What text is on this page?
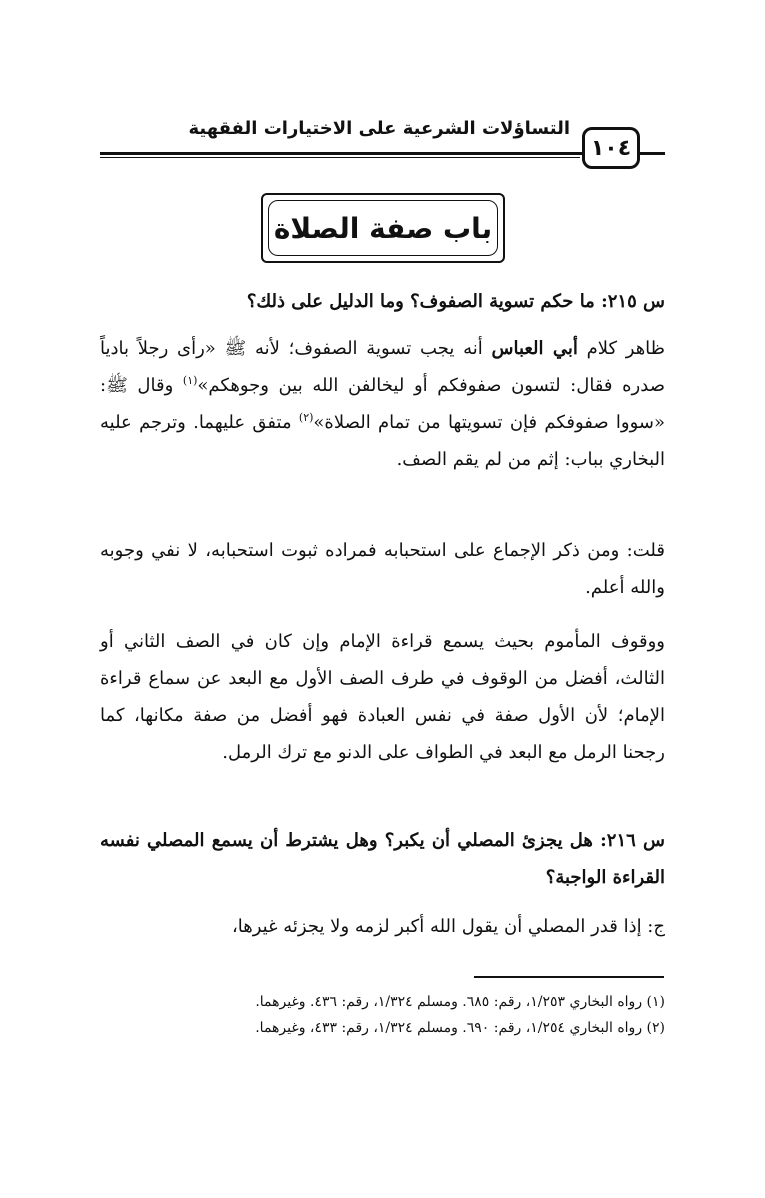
التساؤلات الشرعية على الاختيارات الفقهية
١٠٤
باب صفة الصلاة

س ٢١٥: ما حكم تسوية الصفوف؟ وما الدليل على ذلك؟

ظاهر كلام أبي العباس أنه يجب تسوية الصفوف؛ لأنه ﷺ «رأى رجلاً بادياً صدره فقال: لتسون صفوفكم أو ليخالفن الله بين وجوهكم»$^{(١)}$ وقال ﷺ: «سووا صفوفكم فإن تسويتها من تمام الصلاة»$^{(٢)}$ متفق عليهما. وترجم عليه البخاري بباب: إثم من لم يقم الصف.

قلت: ومن ذكر الإجماع على استحبابه فمراده ثبوت استحبابه، لا نفي وجوبه والله أعلم.

ووقوف المأموم بحيث يسمع قراءة الإمام وإن كان في الصف الثاني أو الثالث، أفضل من الوقوف في طرف الصف الأول مع البعد عن سماع قراءة الإمام؛ لأن الأول صفة في نفس العبادة فهو أفضل من صفة مكانها، كما رجحنا الرمل مع البعد في الطواف على الدنو مع ترك الرمل.

س ٢١٦: هل يجزئ المصلي أن يكبر؟ وهل يشترط أن يسمع المصلي نفسه القراءة الواجبة؟

ج: إذا قدر المصلي أن يقول الله أكبر لزمه ولا يجزئه غيرها،

(١) رواه البخاري ١/٢٥٣، رقم: ٦٨٥. ومسلم ١/٣٢٤، رقم: ٤٣٦. وغيرهما.
(٢) رواه البخاري ١/٢٥٤، رقم: ٦٩٠. ومسلم ١/٣٢٤، رقم: ٤٣٣، وغيرهما.
